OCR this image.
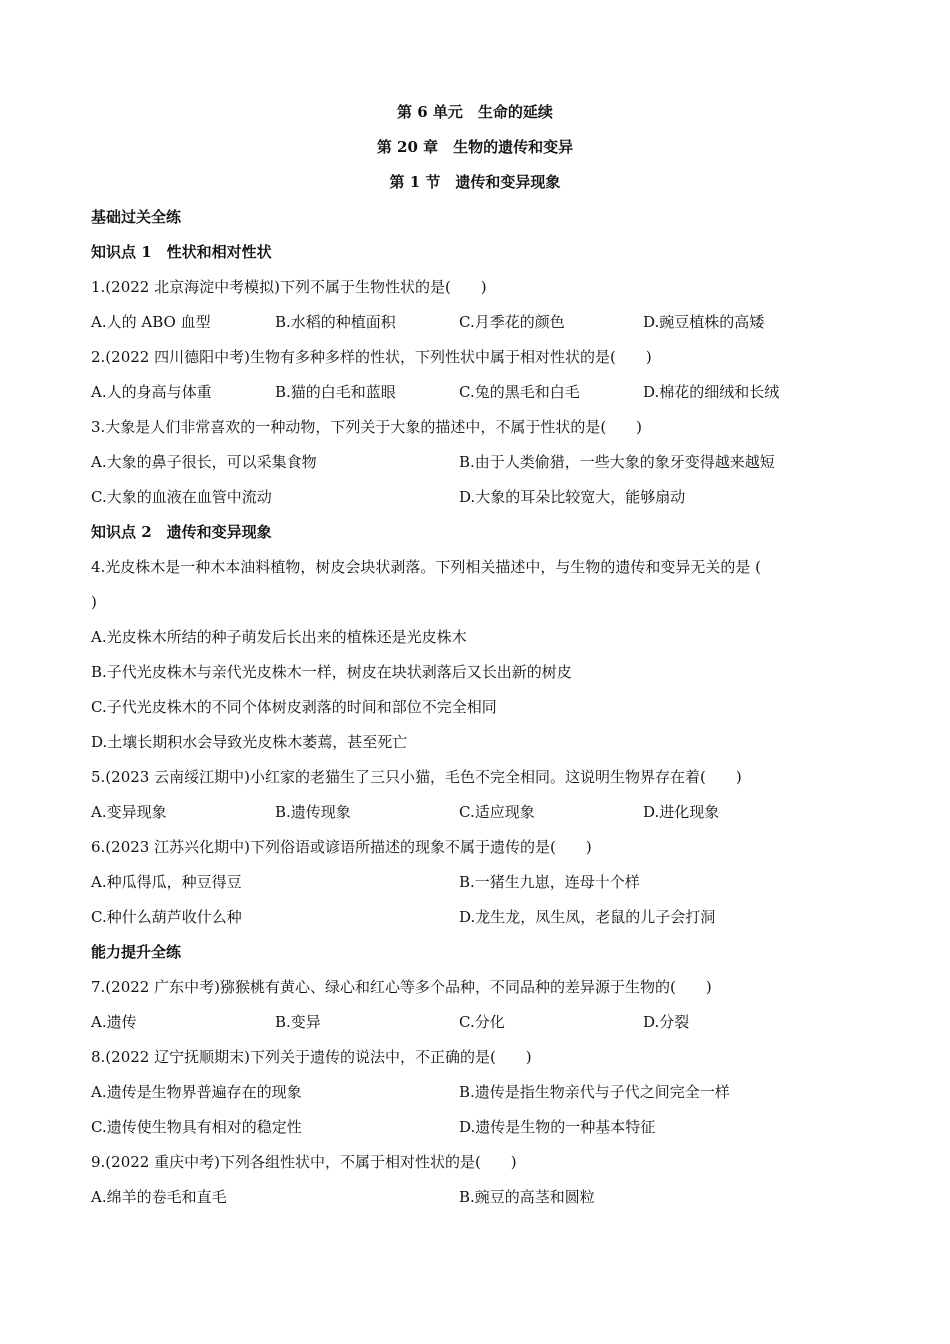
第 6 单元　生命的延续
第 20 章　生物的遗传和变异
第 1 节　遗传和变异现象
基础过关全练
知识点 1　性状和相对性状
1.(2022 北京海淀中考模拟)下列不属于生物性状的是(　　)
A.人的 ABO 血型	B.水稻的种植面积	C.月季花的颜色	D.豌豆植株的高矮
2.(2022 四川德阳中考)生物有多种多样的性状，下列性状中属于相对性状的是(　　)
A.人的身高与体重	B.猫的白毛和蓝眼	C.兔的黑毛和白毛	D.棉花的细绒和长绒
3.大象是人们非常喜欢的一种动物，下列关于大象的描述中，不属于性状的是(　　)
A.大象的鼻子很长，可以采集食物	B.由于人类偷猎，一些大象的象牙变得越来越短
C.大象的血液在血管中流动	D.大象的耳朵比较宽大，能够扇动
知识点 2　遗传和变异现象
4.光皮株木是一种木本油料植物，树皮会块状剥落。下列相关描述中，与生物的遗传和变异无关的是 (
)
A.光皮株木所结的种子萌发后长出来的植株还是光皮株木
B.子代光皮株木与亲代光皮株木一样，树皮在块状剥落后又长出新的树皮
C.子代光皮株木的不同个体树皮剥落的时间和部位不完全相同
D.土壤长期积水会导致光皮株木萎蔫，甚至死亡
5.(2023 云南绥江期中)小红家的老猫生了三只小猫，毛色不完全相同。这说明生物界存在着(　　)
A.变异现象	B.遗传现象	C.适应现象	D.进化现象
6.(2023 江苏兴化期中)下列俗语或谚语所描述的现象不属于遗传的是(　　)
A.种瓜得瓜，种豆得豆	B.一猪生九崽，连母十个样
C.种什么葫芦收什么种	D.龙生龙，凤生凤，老鼠的儿子会打洞
能力提升全练
7.(2022 广东中考)猕猴桃有黄心、绿心和红心等多个品种，不同品种的差异源于生物的(　　)
A.遗传	B.变异	C.分化	D.分裂
8.(2022 辽宁抚顺期末)下列关于遗传的说法中，不正确的是(　　)
A.遗传是生物界普遍存在的现象	B.遗传是指生物亲代与子代之间完全一样
C.遗传使生物具有相对的稳定性	D.遗传是生物的一种基本特征
9.(2022 重庆中考)下列各组性状中，不属于相对性状的是(　　)
A.绵羊的卷毛和直毛	B.豌豆的高茎和圆粒
